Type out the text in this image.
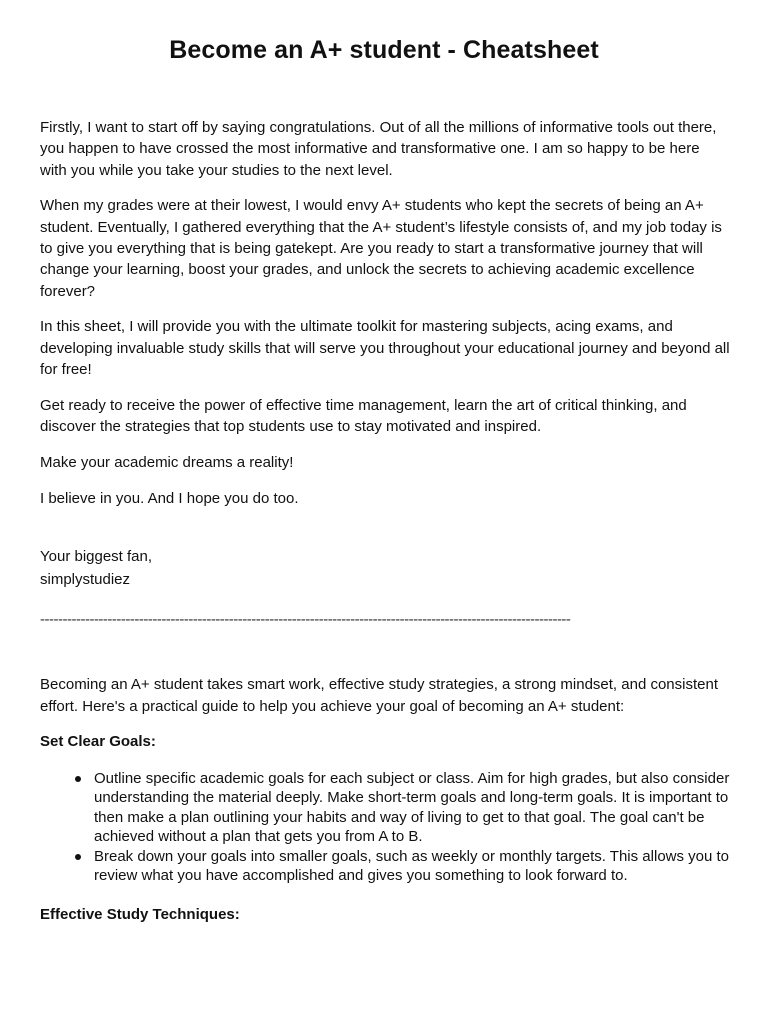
Become an A+ student - Cheatsheet

Firstly, I want to start off by saying congratulations. Out of all the millions of informative tools out there, you happen to have crossed the most informative and transformative one. I am so happy to be here with you while you take your studies to the next level.

When my grades were at their lowest, I would envy A+ students who kept the secrets of being an A+ student. Eventually, I gathered everything that the A+ student’s lifestyle consists of, and my job today is to give you everything that is being gatekept. Are you ready to start a transformative journey that will change your learning, boost your grades, and unlock the secrets to achieving academic excellence forever?

In this sheet, I will provide you with the ultimate toolkit for mastering subjects, acing exams, and developing invaluable study skills that will serve you throughout your educational journey and beyond all for free!

Get ready to receive the power of effective time management, learn the art of critical thinking, and discover the strategies that top students use to stay motivated and inspired.

Make your academic dreams a reality!

I believe in you. And I hope you do too.

Your biggest fan,
simplystudiez
----------------------------------------------------------------------------------------------------------------------

Becoming an A+ student takes smart work, effective study strategies, a strong mindset, and consistent effort. Here's a practical guide to help you achieve your goal of becoming an A+ student:

Set Clear Goals:
Outline specific academic goals for each subject or class. Aim for high grades, but also consider understanding the material deeply. Make short-term goals and long-term goals. It is important to then make a plan outlining your habits and way of living to get to that goal. The goal can't be achieved without a plan that gets you from A to B.
Break down your goals into smaller goals, such as weekly or monthly targets. This allows you to review what you have accomplished and gives you something to look forward to.
Effective Study Techniques:
